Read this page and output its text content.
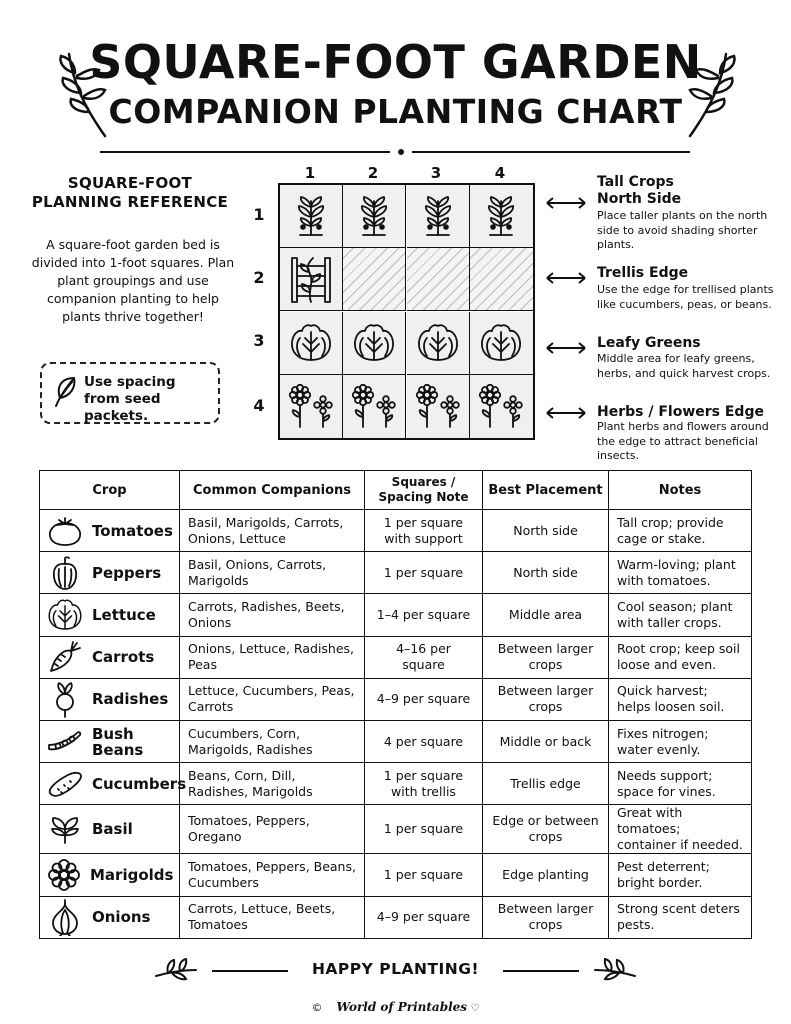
SQUARE-FOOT GARDEN
COMPANION PLANTING CHART
SQUARE-FOOT
PLANNING REFERENCE
A square-foot garden bed is divided into 1-foot squares. Plan plant groupings and use companion planting to help plants thrive together!
Use spacing from seed packets.
1	2	3	4
1
2
3
4
Tall Crops
North Side
Place taller plants on the north side to avoid shading shorter plants.
Trellis Edge
Use the edge for trellised plants like cucumbers, peas, or beans.
Leafy Greens
Middle area for leafy greens, herbs, and quick harvest crops.
Herbs / Flowers Edge
Plant herbs and flowers around the edge to attract beneficial insects.
Crop	Common Companions	Squares /
Spacing Note	Best Placement	Notes

Tomatoes	Basil, Marigolds, Carrots, Onions, Lettuce	1 per square with support	North side	Tall crop; provide cage or stake.

Peppers	Basil, Onions, Carrots, Marigolds	1 per square	North side	Warm-loving; plant with tomatoes.

Lettuce	Carrots, Radishes, Beets, Onions	1–4 per square	Middle area	Cool season; plant with taller crops.

Carrots	Onions, Lettuce, Radishes, Peas	4–16 per square	Between larger crops	Root crop; keep soil loose and even.

Radishes	Lettuce, Cucumbers, Peas, Carrots	4–9 per square	Between larger crops	Quick harvest; helps loosen soil.

Bush Beans	Cucumbers, Corn, Marigolds, Radishes	4 per square	Middle or back	Fixes nitrogen; water evenly.

Cucumbers	Beans, Corn, Dill, Radishes, Marigolds	1 per square with trellis	Trellis edge	Needs support; space for vines.

Basil	Tomatoes, Peppers, Oregano	1 per square	Edge or between crops	Great with tomatoes; container if needed.

Marigolds	Tomatoes, Peppers, Beans, Cucumbers	1 per square	Edge planting	Pest deterrent; bright border.

Onions	Carrots, Lettuce, Beets, Tomatoes	4–9 per square	Between larger crops	Strong scent deters pests.
HAPPY PLANTING!
© World of Printables ♡
